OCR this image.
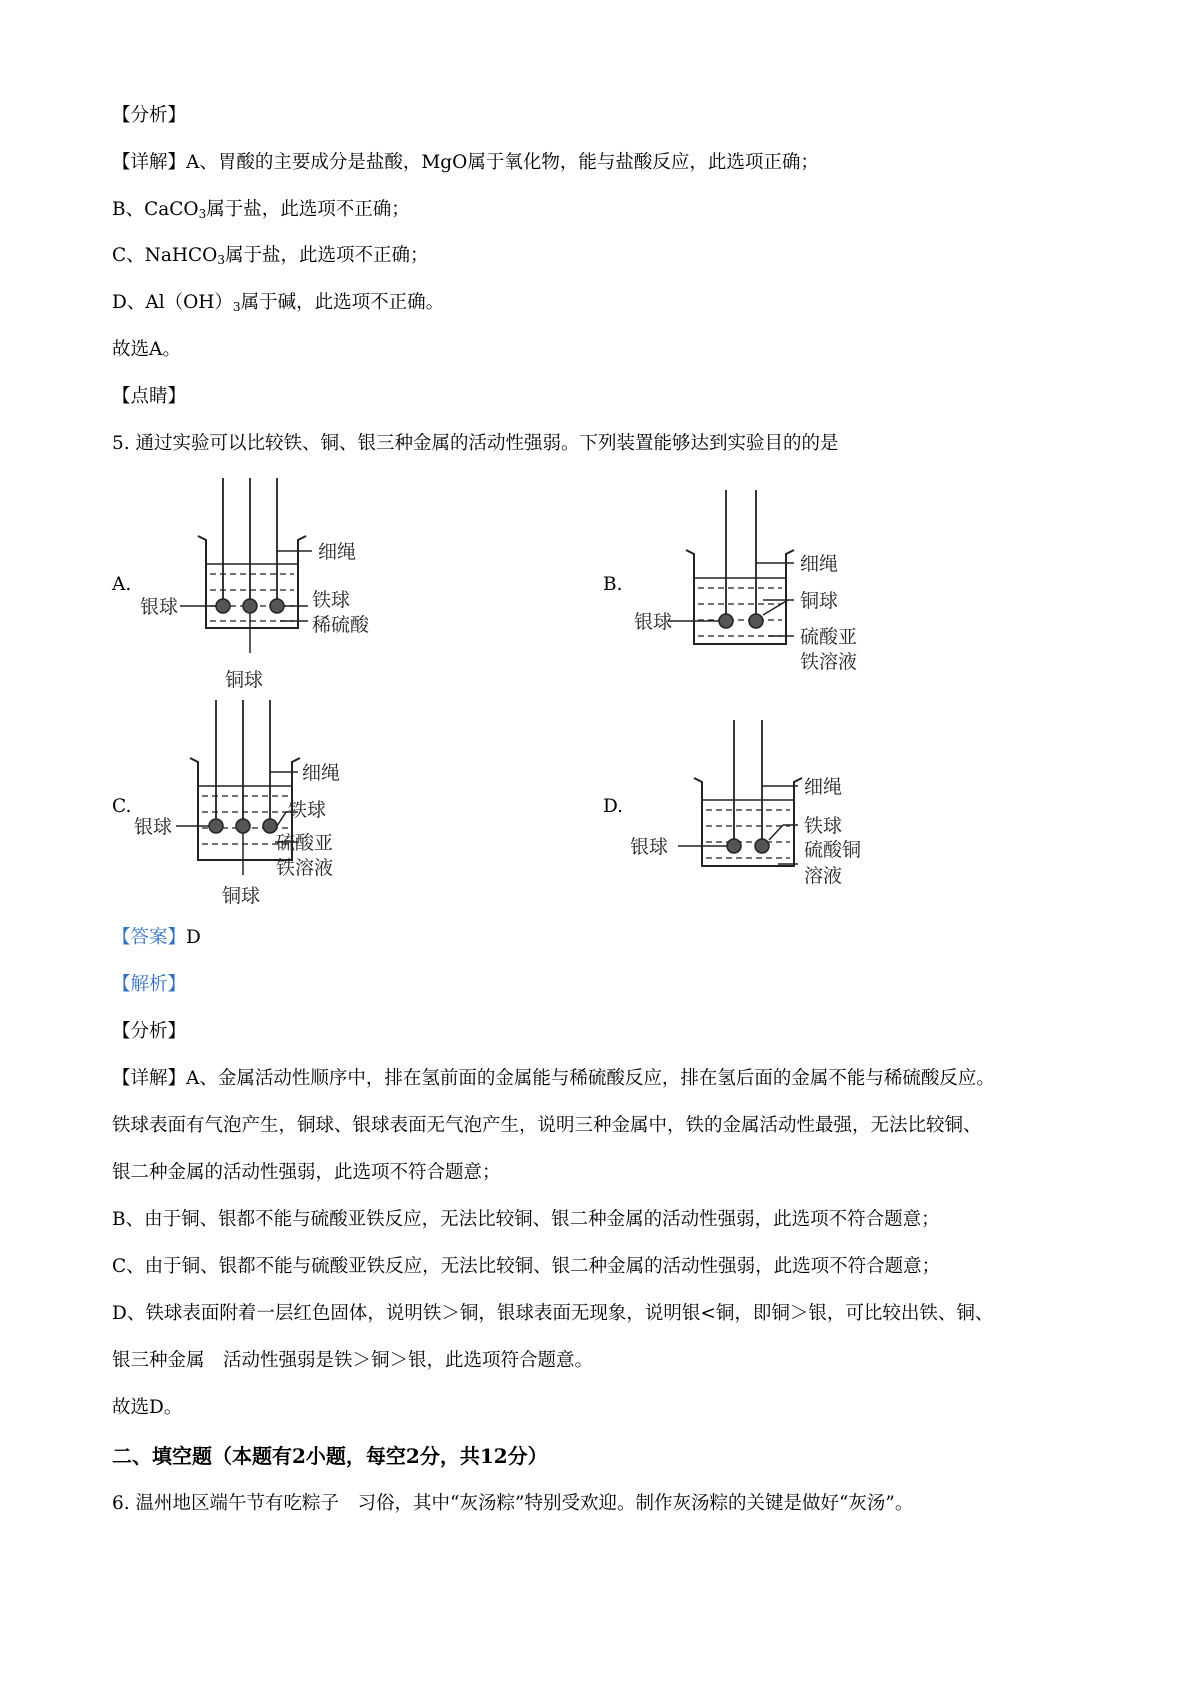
【分析】
【详解】A、胃酸的主要成分是盐酸，MgO属于氧化物，能与盐酸反应，此选项正确；
B、CaCO$_3$属于盐，此选项不正确；
C、NaHCO$_3$属于盐，此选项不正确；
D、$Al(OH)_3$属于碱，此选项不正确。
故选A。
【点睛】
5. 通过实验可以比较铁、铜、银三种金属的活动性强弱。下列装置能够达到实验目的的是
A.	B.
C.	D.
细绳
银球	铁球
稀硫酸
铜球
细绳
铜球
银球
硫酸亚
铁溶液
细绳
银球
铁球
硫酸亚
铁溶液
铜球
细绳
铁球
银球	硫酸铜
溶液
【答案】D
【解析】
【分析】
【详解】A、金属活动性顺序中，排在氢前面的金属能与稀硫酸反应，排在氢后面的金属不能与稀硫酸反应。
铁球表面有气泡产生，铜球、银球表面无气泡产生，说明三种金属中，铁的金属活动性最强，无法比较铜、
银二种金属的活动性强弱，此选项不符合题意；
B、由于铜、银都不能与硫酸亚铁反应，无法比较铜、银二种金属的活动性强弱，此选项不符合题意；
C、由于铜、银都不能与硫酸亚铁反应，无法比较铜、银二种金属的活动性强弱，此选项不符合题意；
D、铁球表面附着一层红色固体，说明铁＞铜，银球表面无现象，说明银<铜，即铜＞银，可比较出铁、铜、
银三种金属　活动性强弱是铁＞铜＞银，此选项符合题意。
故选D。
二、填空题（本题有2小题，每空2分，共12分）
6. 温州地区端午节有吃粽子　习俗，其中“灰汤粽”特别受欢迎。制作灰汤粽的关键是做好“灰汤”。
